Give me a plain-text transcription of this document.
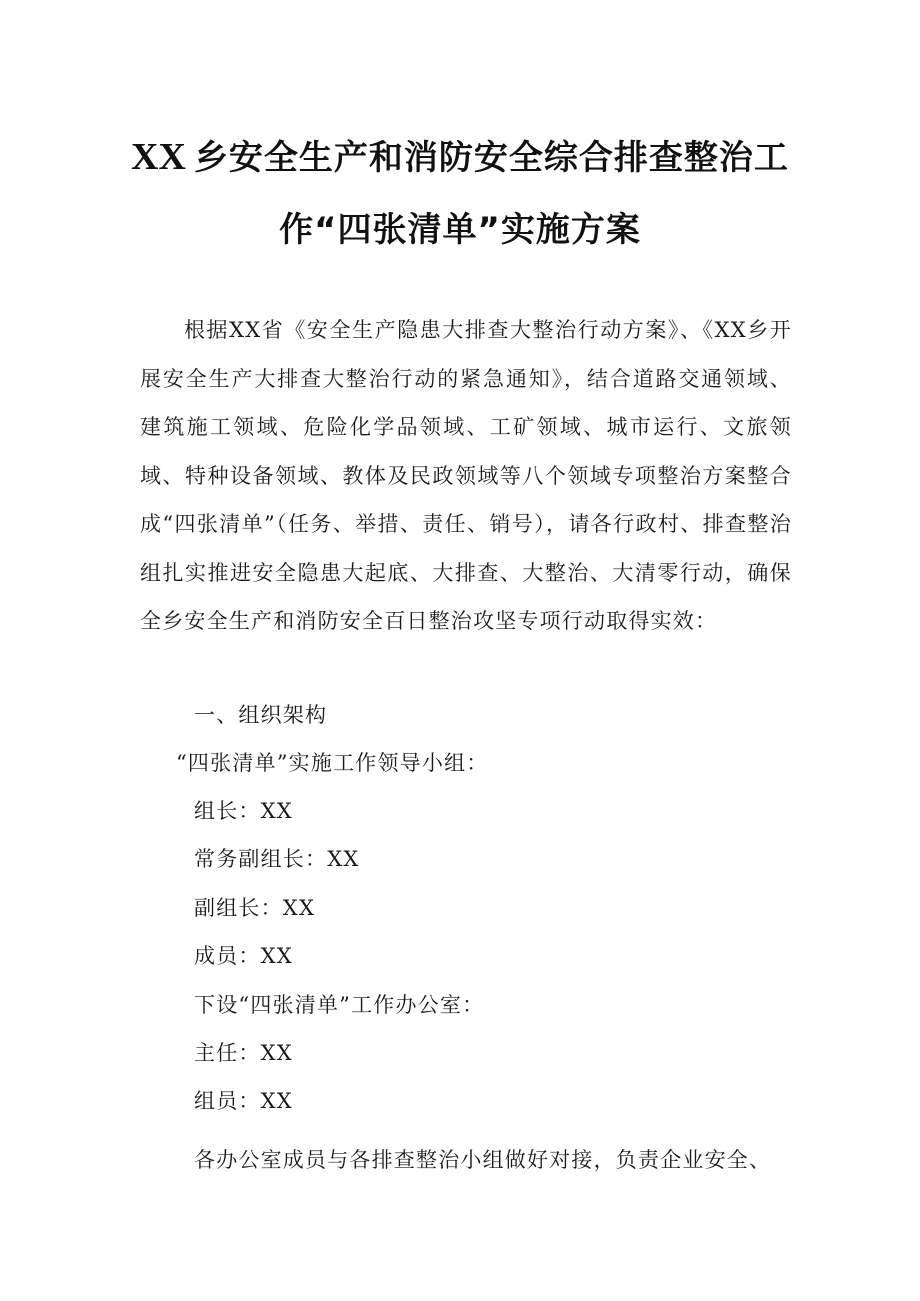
XX 乡安全生产和消防安全综合排查整治工
作“四张清单”实施方案

根据XX省《安全生产隐患大排查大整治行动方案》、《XX乡开展安全生产大排查大整治行动的紧急通知》，结合道路交通领域、建筑施工领域、危险化学品领域、工矿领域、城市运行、文旅领域、特种设备领域、教体及民政领域等八个领域专项整治方案整合成“四张清单”（任务、举措、责任、销号），请各行政村、排查整治组扎实推进安全隐患大起底、大排查、大整治、大清零行动，确保全乡安全生产和消防安全百日整治攻坚专项行动取得实效：

一、组织架构
“四张清单”实施工作领导小组：
组长：XX
常务副组长：XX
副组长：XX
成员：XX
下设“四张清单”工作办公室：
主任：XX
组员：XX

各办公室成员与各排查整治小组做好对接，负责企业安全、
